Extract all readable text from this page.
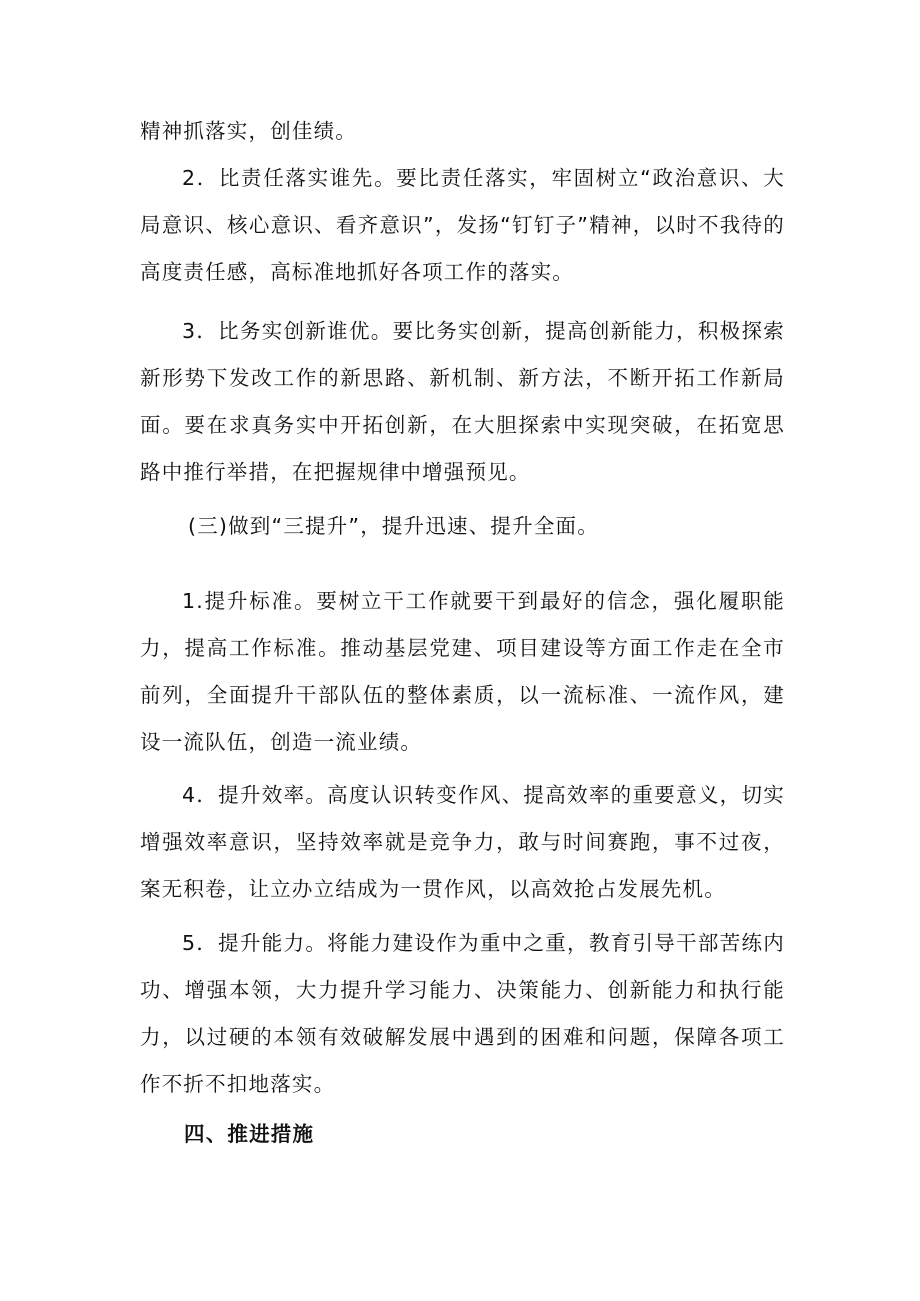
精神抓落实，创佳绩。

2．比责任落实谁先。要比责任落实，牢固树立“政治意识、大局意识、核心意识、看齐意识”，发扬“钉钉子”精神，以时不我待的高度责任感，高标准地抓好各项工作的落实。

3．比务实创新谁优。要比务实创新，提高创新能力，积极探索新形势下发改工作的新思路、新机制、新方法，不断开拓工作新局面。要在求真务实中开拓创新，在大胆探索中实现突破，在拓宽思路中推行举措，在把握规律中增强预见。

(三)做到“三提升”，提升迅速、提升全面。

1.提升标准。要树立干工作就要干到最好的信念，强化履职能力，提高工作标准。推动基层党建、项目建设等方面工作走在全市前列，全面提升干部队伍的整体素质，以一流标准、一流作风，建设一流队伍，创造一流业绩。

4．提升效率。高度认识转变作风、提高效率的重要意义，切实增强效率意识，坚持效率就是竞争力，敢与时间赛跑，事不过夜，案无积卷，让立办立结成为一贯作风，以高效抢占发展先机。

5．提升能力。将能力建设作为重中之重，教育引导干部苦练内功、增强本领，大力提升学习能力、决策能力、创新能力和执行能力，以过硬的本领有效破解发展中遇到的困难和问题，保障各项工作不折不扣地落实。

四、推进措施
